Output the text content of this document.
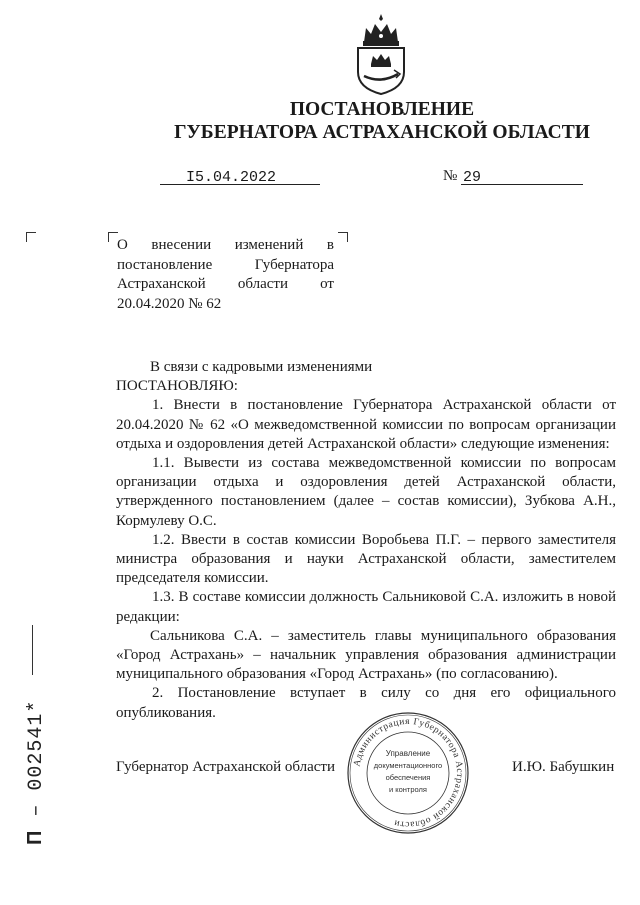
ПОСТАНОВЛЕНИЕ
ГУБЕРНАТОРА АСТРАХАНСКОЙ ОБЛАСТИ
I5.04.2022	№ 29
О внесении изменений в постановление Губернатора Астраханской области от 20.04.2020 № 62

В связи с кадровыми изменениями

ПОСТАНОВЛЯЮ:

1. Внести в постановление Губернатора Астраханской области от 20.04.2020 № 62 «О межведомственной комиссии по вопросам организации отдыха и оздоровления детей Астраханской области» следующие изменения:

1.1. Вывести из состава межведомственной комиссии по вопросам организации отдыха и оздоровления детей Астраханской области, утвержденного постановлением (далее – состав комиссии), Зубкова А.Н., Кормулеву О.С.

1.2. Ввести в состав комиссии Воробьева П.Г. – первого заместителя министра образования и науки Астраханской области, заместителем председателя комиссии.

1.3. В составе комиссии должность Сальниковой С.А. изложить в новой редакции:

Сальникова С.А. – заместитель главы муниципального образования «Город Астрахань» – начальник управления образования администрации муниципального образования «Город Астрахань» (по согласованию).

2. Постановление вступает в силу со дня его официального опубликования.

Губернатор Астраханской области	И.Ю. Бабушкин
Администрация Губернатора Астраханской области
Управление
документационного
обеспечения
и контроля
П – 002541*
